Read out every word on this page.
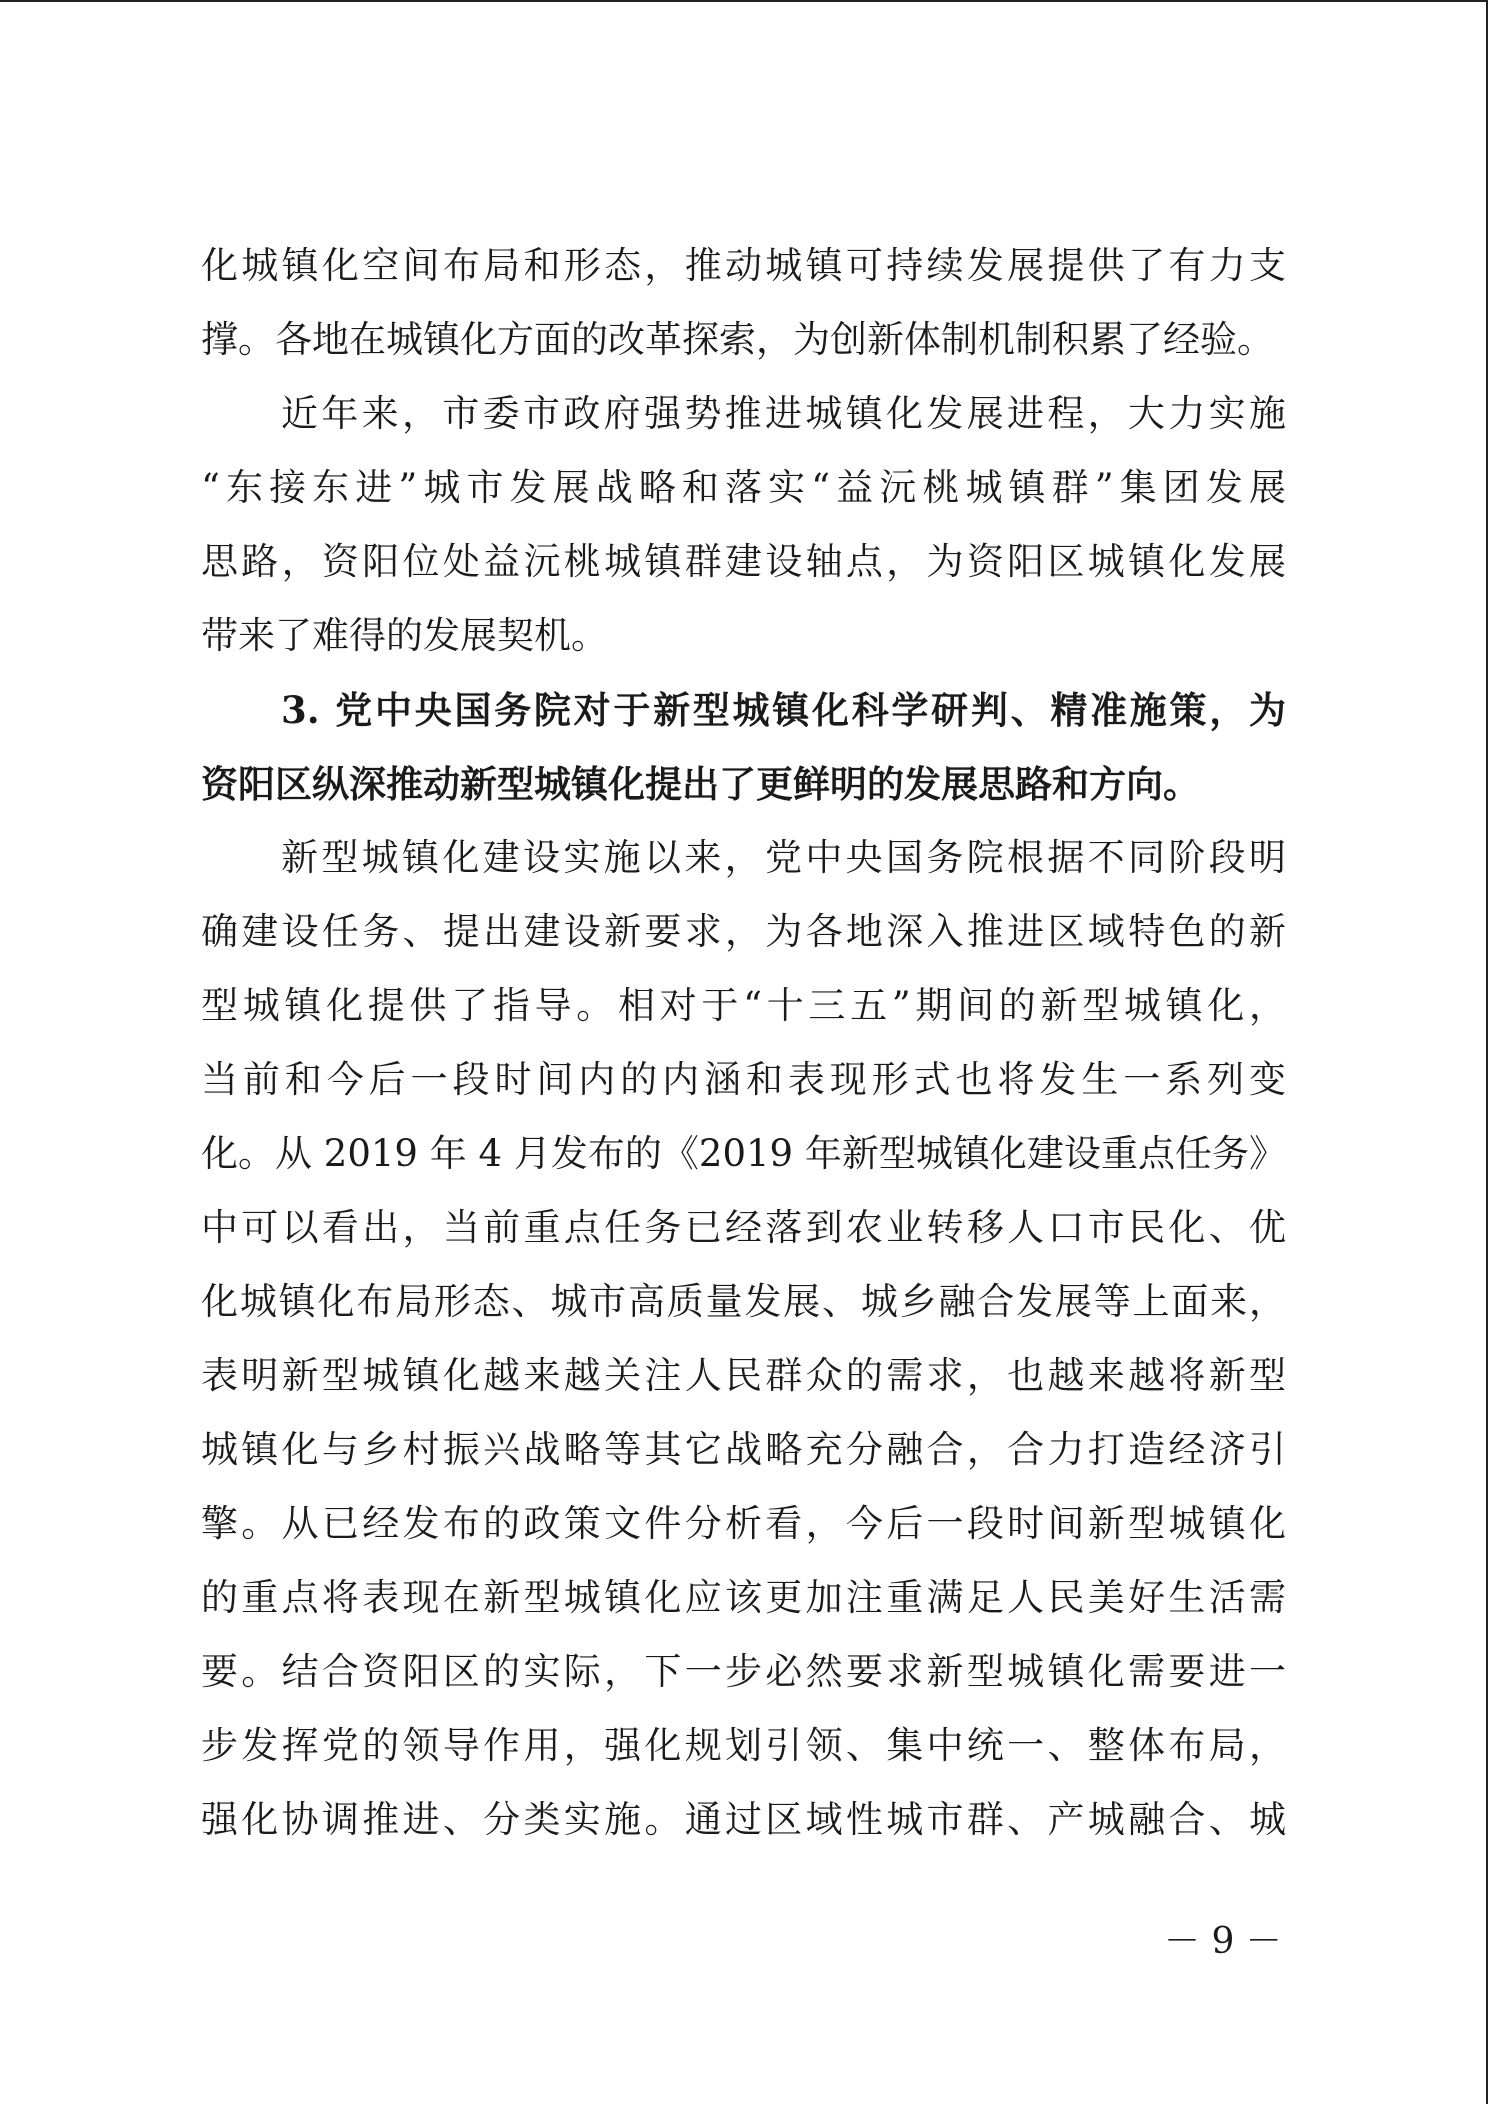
化城镇化空间布局和形态，推动城镇可持续发展提供了有力支
撑。各地在城镇化方面的改革探索，为创新体制机制积累了经验。
近年来，市委市政府强势推进城镇化发展进程，大力实施
“东接东进”城市发展战略和落实“益沅桃城镇群”集团发展
思路，资阳位处益沅桃城镇群建设轴点，为资阳区城镇化发展
带来了难得的发展契机。
3. 党中央国务院对于新型城镇化科学研判、精准施策，为
资阳区纵深推动新型城镇化提出了更鲜明的发展思路和方向。
新型城镇化建设实施以来，党中央国务院根据不同阶段明
确建设任务、提出建设新要求，为各地深入推进区域特色的新
型城镇化提供了指导。相对于“十三五”期间的新型城镇化，
当前和今后一段时间内的内涵和表现形式也将发生一系列变
化。从 2019 年 4 月发布的《2019 年新型城镇化建设重点任务》
中可以看出，当前重点任务已经落到农业转移人口市民化、优
化城镇化布局形态、城市高质量发展、城乡融合发展等上面来，
表明新型城镇化越来越关注人民群众的需求，也越来越将新型
城镇化与乡村振兴战略等其它战略充分融合，合力打造经济引
擎。从已经发布的政策文件分析看，今后一段时间新型城镇化
的重点将表现在新型城镇化应该更加注重满足人民美好生活需
要。结合资阳区的实际，下一步必然要求新型城镇化需要进一
步发挥党的领导作用，强化规划引领、集中统一、整体布局，
强化协调推进、分类实施。通过区域性城市群、产城融合、城
－ 9 －
